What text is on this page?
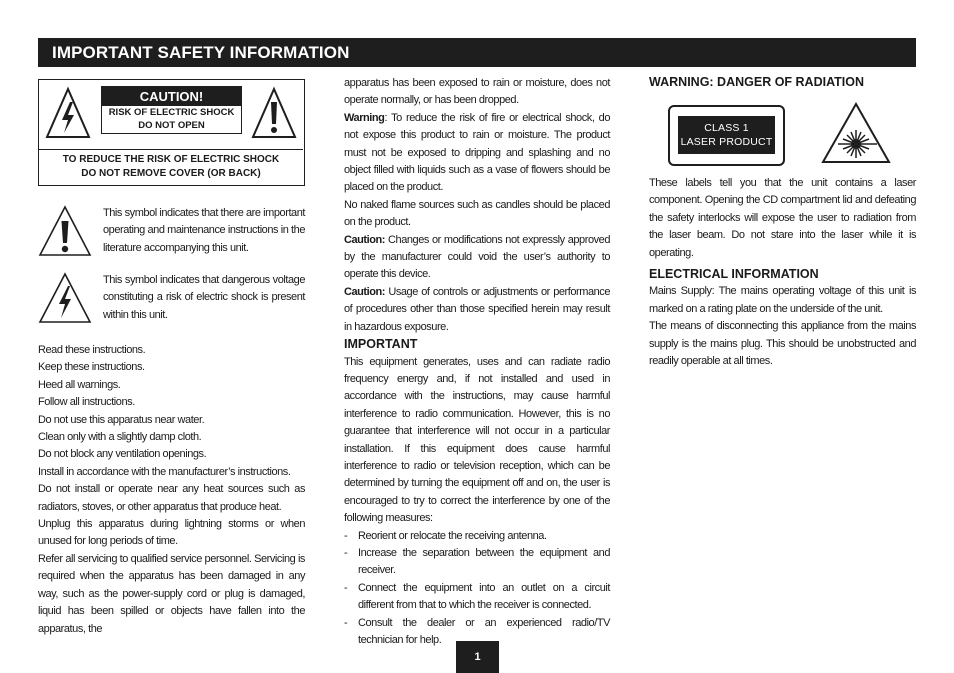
IMPORTANT SAFETY INFORMATION
CAUTION!
RISK OF ELECTRIC SHOCK
DO NOT OPEN
TO REDUCE THE RISK OF ELECTRIC SHOCK
DO NOT REMOVE COVER (OR BACK)

This symbol indicates that there are important operating and maintenance instructions in the literature accompanying this unit.

This symbol indicates that dangerous voltage constituting a risk of electric shock is present within this unit.

Read these instructions.

Keep these instructions.

Heed all warnings.

Follow all instructions.

Do not use this apparatus near water.

Clean only with a slightly damp cloth.

Do not block any ventilation openings.

Install in accordance with the manufacturer’s instructions.

Do not install or operate near any heat sources such as radiators, stoves, or other apparatus that produce heat.

Unplug this apparatus during lightning storms or when unused for long periods of time.

Refer all servicing to qualified service personnel. Servicing is required when the apparatus has been damaged in any way, such as the power-supply cord or plug is damaged, liquid has been spilled or objects have fallen into the apparatus, the

apparatus has been exposed to rain or moisture, does not operate normally, or has been dropped.

Warning: To reduce the risk of fire or electrical shock, do not expose this product to rain or moisture. The product must not be exposed to dripping and splashing and no object filled with liquids such as a vase of flowers should be placed on the product.

No naked flame sources such as candles should be placed on the product.

Caution: Changes or modifications not expressly approved by the manufacturer could void the user’s authority to operate this device.

Caution: Usage of controls or adjustments or performance of procedures other than those specified herein may result in hazardous exposure.

IMPORTANT

This equipment generates, uses and can radiate radio frequency energy and, if not installed and used in accordance with the instructions, may cause harmful interference to radio communication. However, this is no guarantee that interference will not occur in a particular installation. If this equipment does cause harmful interference to radio or television reception, which can be determined by turning the equipment off and on, the user is encouraged to try to correct the interference by one of the following measures:

- Reorient or relocate the receiving antenna.
- Increase the separation between the equipment and receiver.
- Connect the equipment into an outlet on a circuit different from that to which the receiver is connected.
- Consult the dealer or an experienced radio/TV technician for help.

WARNING: DANGER OF RADIATION

CLASS 1
LASER PRODUCT

These labels tell you that the unit contains a laser component. Opening the CD compartment lid and defeating the safety interlocks will expose the user to radiation from the laser beam. Do not stare into the laser while it is operating.

ELECTRICAL INFORMATION

Mains Supply: The mains operating voltage of this unit is marked on a rating plate on the underside of the unit.

The means of disconnecting this appliance from the mains supply is the mains plug. This should be unobstructed and readily operable at all times.

1
